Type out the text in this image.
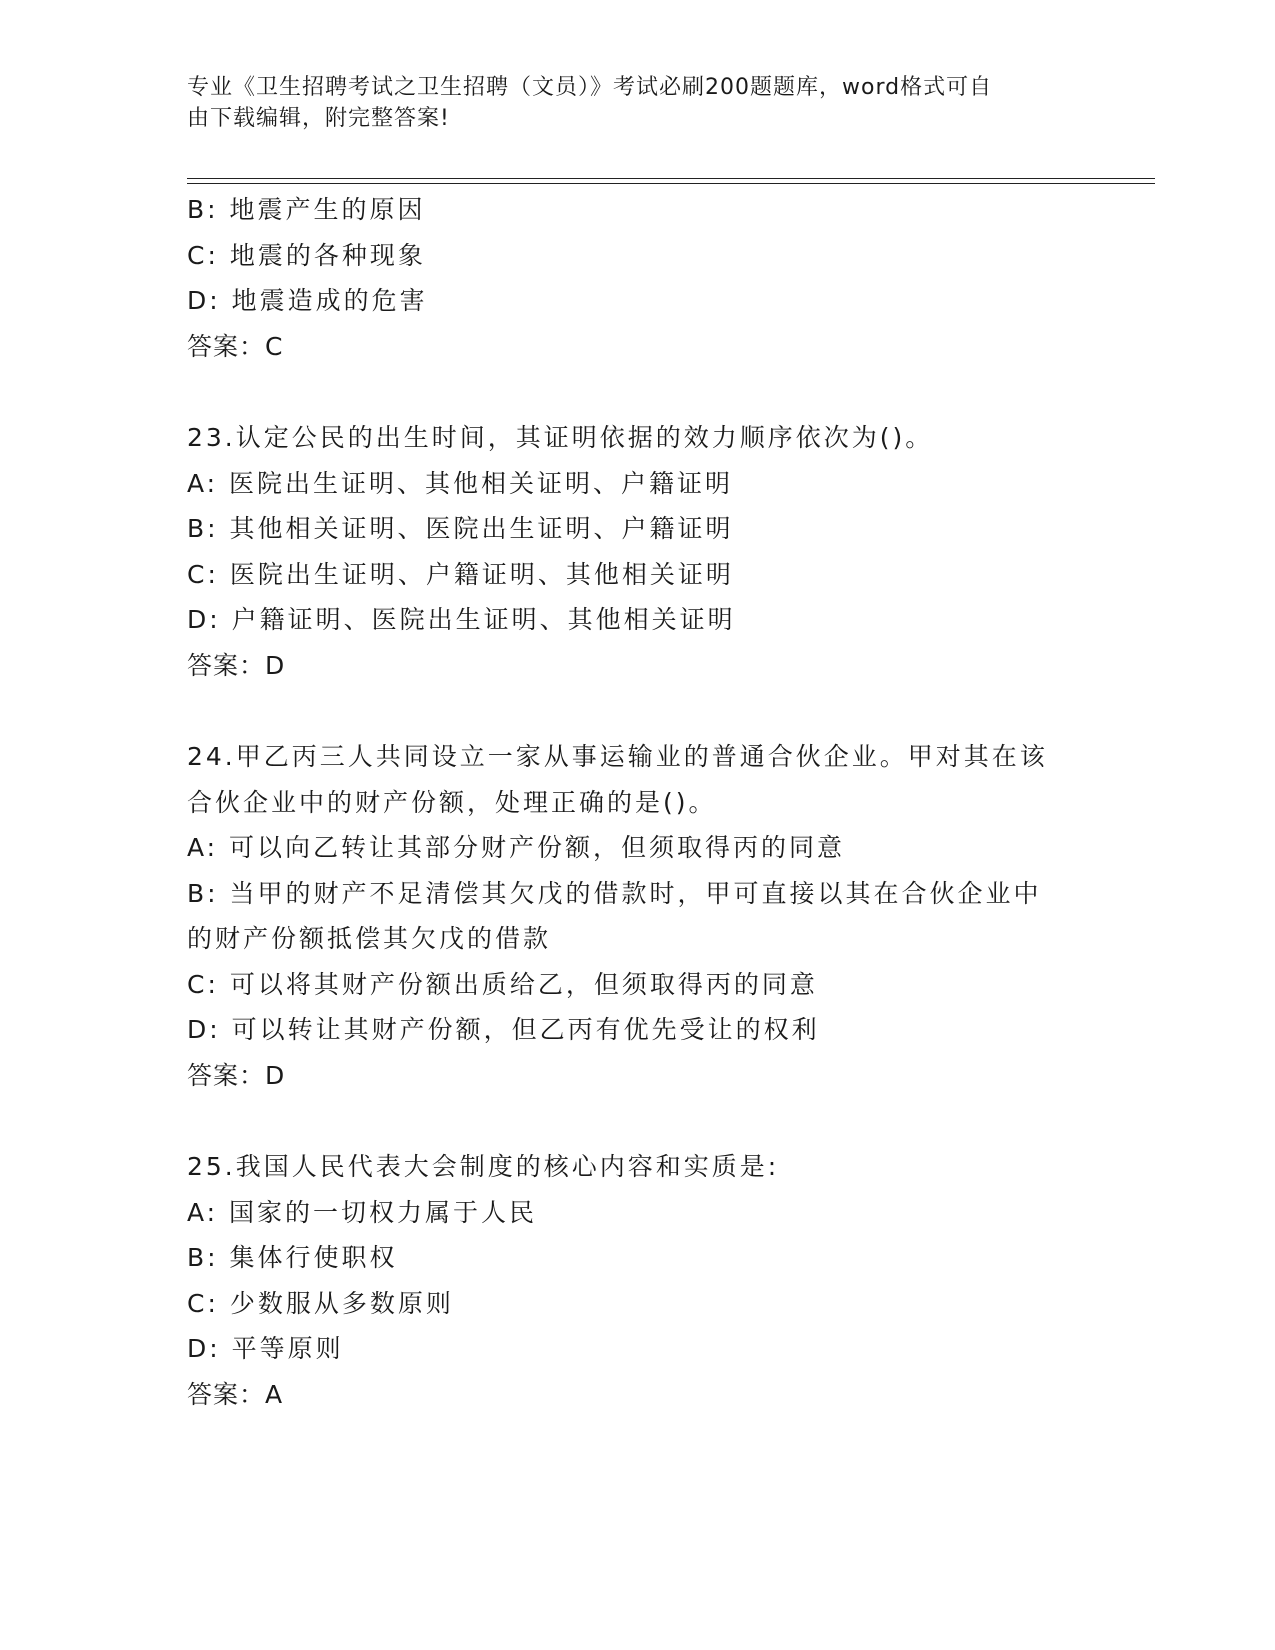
专业《卫生招聘考试之卫生招聘（文员）》考试必刷200题题库，word格式可自
由下载编辑，附完整答案!
B: 地震产生的原因
C: 地震的各种现象
D: 地震造成的危害
答案：C
23.认定公民的出生时间，其证明依据的效力顺序依次为()。
A: 医院出生证明、其他相关证明、户籍证明
B: 其他相关证明、医院出生证明、户籍证明
C: 医院出生证明、户籍证明、其他相关证明
D: 户籍证明、医院出生证明、其他相关证明
答案：D
24.甲乙丙三人共同设立一家从事运输业的普通合伙企业。甲对其在该
合伙企业中的财产份额，处理正确的是()。
A: 可以向乙转让其部分财产份额，但须取得丙的同意
B: 当甲的财产不足清偿其欠戊的借款时，甲可直接以其在合伙企业中
的财产份额抵偿其欠戊的借款
C: 可以将其财产份额出质给乙，但须取得丙的同意
D: 可以转让其财产份额，但乙丙有优先受让的权利
答案：D
25.我国人民代表大会制度的核心内容和实质是:
A: 国家的一切权力属于人民
B: 集体行使职权
C: 少数服从多数原则
D: 平等原则
答案：A
